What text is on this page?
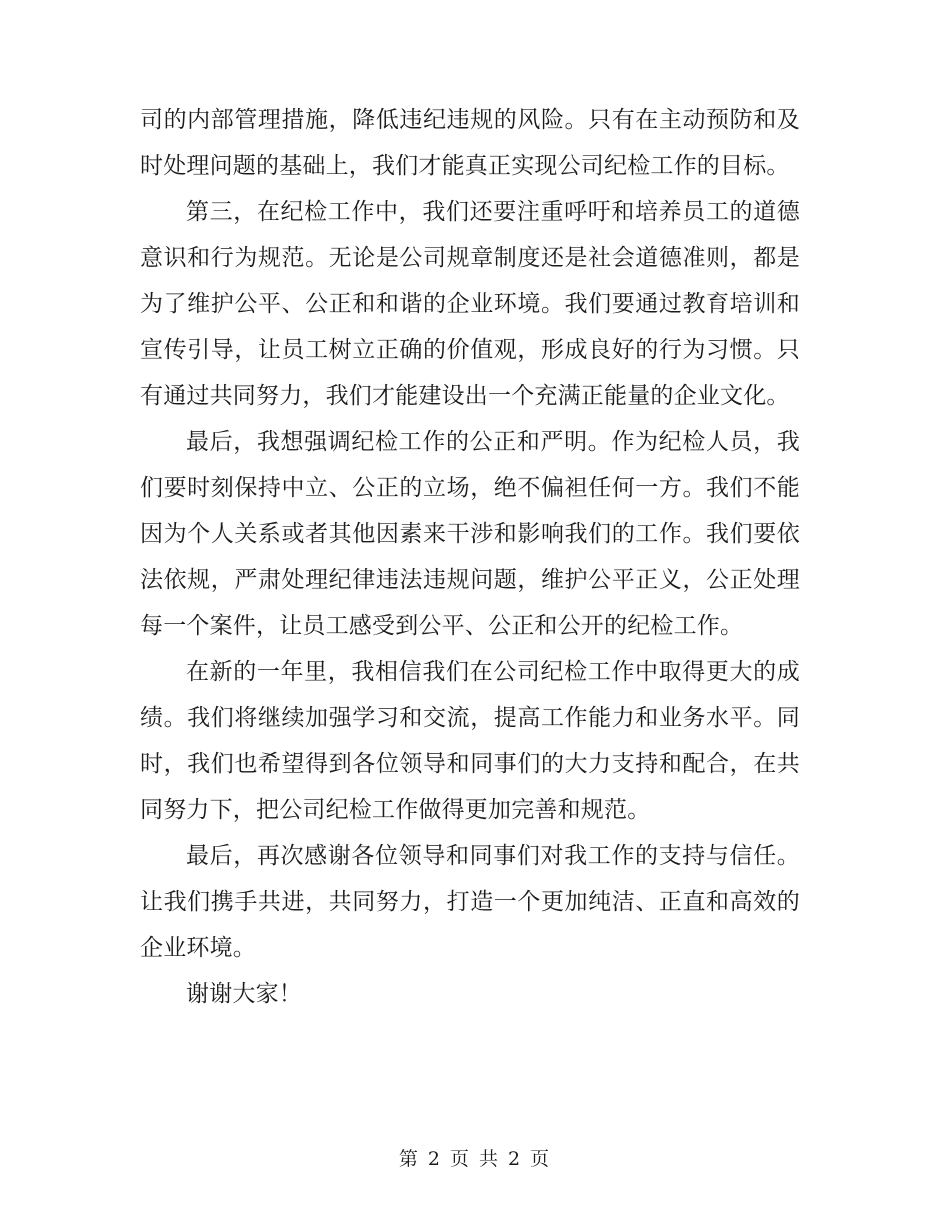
司的内部管理措施，降低违纪违规的风险。只有在主动预防和及时处理问题的基础上，我们才能真正实现公司纪检工作的目标。

第三，在纪检工作中，我们还要注重呼吁和培养员工的道德意识和行为规范。无论是公司规章制度还是社会道德准则，都是为了维护公平、公正和和谐的企业环境。我们要通过教育培训和宣传引导，让员工树立正确的价值观，形成良好的行为习惯。只有通过共同努力，我们才能建设出一个充满正能量的企业文化。

最后，我想强调纪检工作的公正和严明。作为纪检人员，我们要时刻保持中立、公正的立场，绝不偏袒任何一方。我们不能因为个人关系或者其他因素来干涉和影响我们的工作。我们要依法依规，严肃处理纪律违法违规问题，维护公平正义，公正处理每一个案件，让员工感受到公平、公正和公开的纪检工作。

在新的一年里，我相信我们在公司纪检工作中取得更大的成绩。我们将继续加强学习和交流，提高工作能力和业务水平。同时，我们也希望得到各位领导和同事们的大力支持和配合，在共同努力下，把公司纪检工作做得更加完善和规范。

最后，再次感谢各位领导和同事们对我工作的支持与信任。让我们携手共进，共同努力，打造一个更加纯洁、正直和高效的企业环境。

谢谢大家！

第 2 页 共 2 页
